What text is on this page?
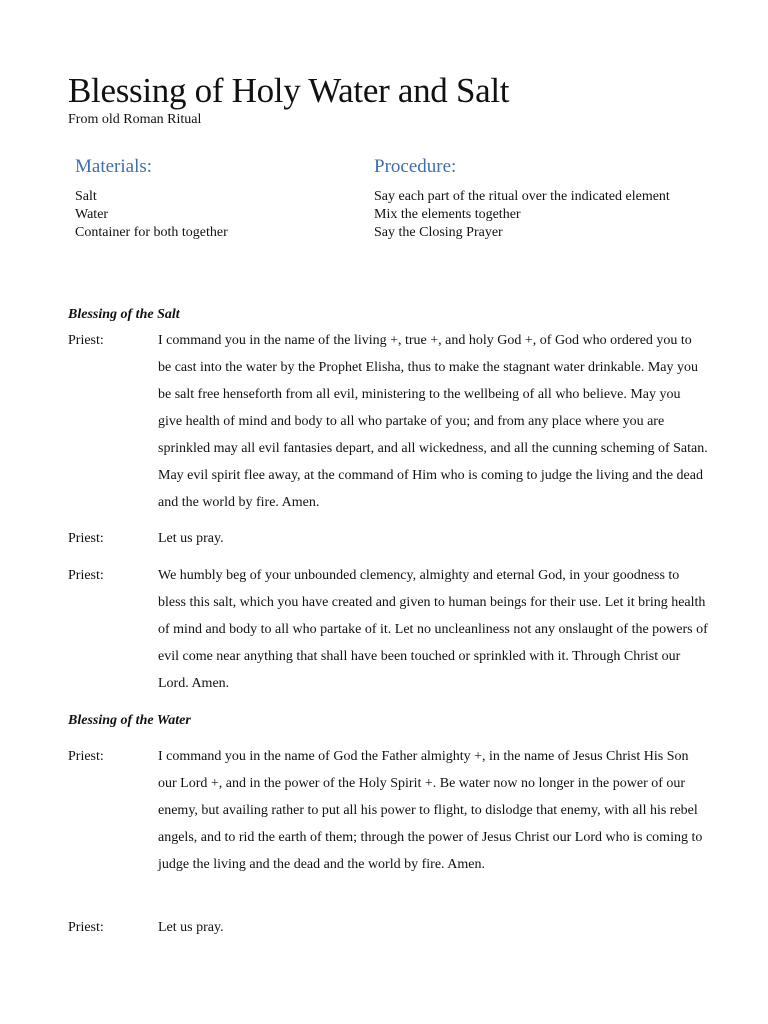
Blessing of Holy Water and Salt
From old Roman Ritual
Materials:
Salt
Water
Container for both together
Procedure:
Say each part of the ritual over the indicated element
Mix the elements together
Say the Closing Prayer
Blessing of the Salt
Priest:	I command you in the name of the living +, true +, and holy God +, of God who ordered you to be cast into the water by the Prophet Elisha, thus to make the stagnant water drinkable. May you be salt free henseforth from all evil, ministering to the wellbeing of all who believe. May you give health of mind and body to all who partake of you; and from any place where you are sprinkled may all evil fantasies depart, and all wickedness, and all the cunning scheming of Satan. May evil spirit flee away, at the command of Him who is coming to judge the living and the dead and the world by fire. Amen.
Priest:	Let us pray.
Priest:	We humbly beg of your unbounded clemency, almighty and eternal God, in your goodness to bless this salt, which you have created and given to human beings for their use. Let it bring health of mind and body to all who partake of it. Let no uncleanliness not any onslaught of the powers of evil come near anything that shall have been touched or sprinkled with it. Through Christ our Lord. Amen.
Blessing of the Water
Priest:	I command you in the name of God the Father almighty +, in the name of Jesus Christ His Son our Lord +, and in the power of the Holy Spirit +. Be water now no longer in the power of our enemy, but availing rather to put all his power to flight, to dislodge that enemy, with all his rebel angels, and to rid the earth of them; through the power of Jesus Christ our Lord who is coming to judge the living and the dead and the world by fire. Amen.
Priest:	Let us pray.
